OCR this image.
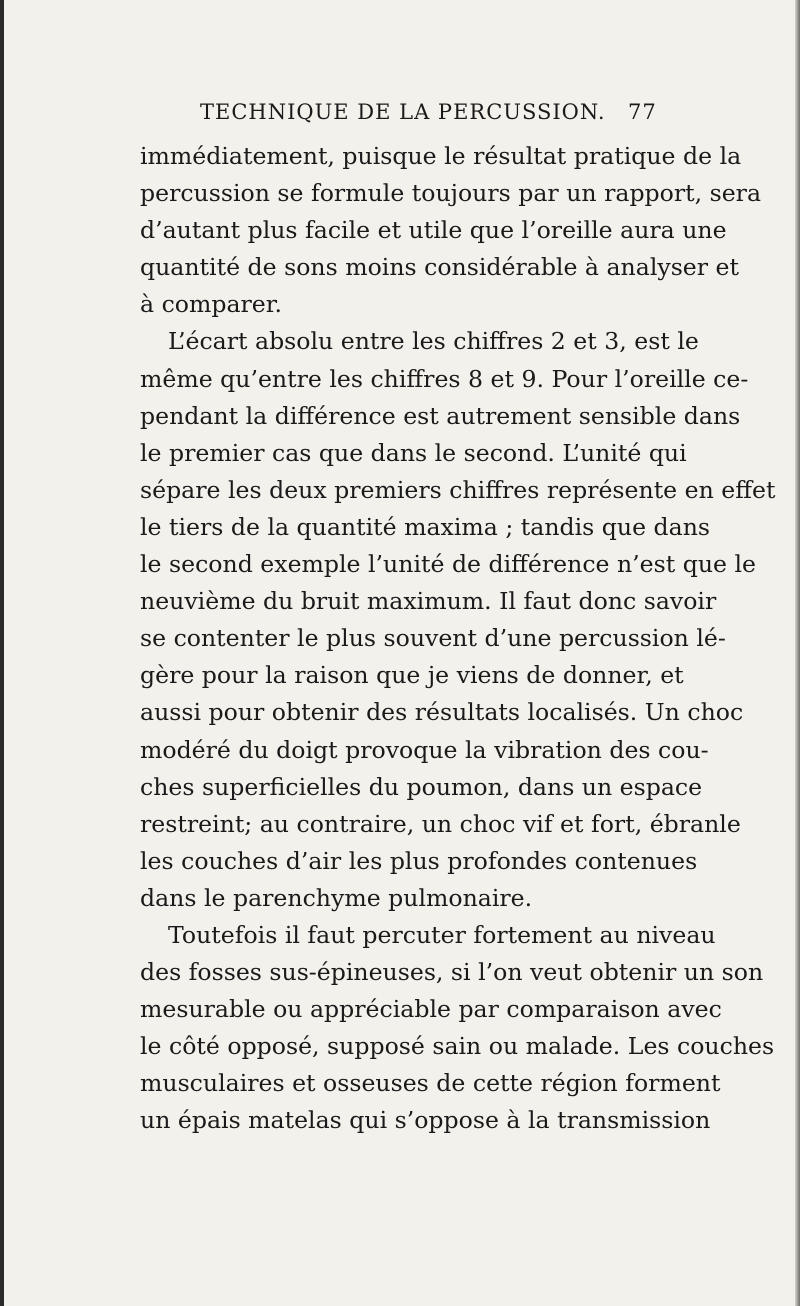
TECHNIQUE DE LA PERCUSSION. 77
immédiatement, puisque le résultat pratique de la
percussion se formule toujours par un rapport, sera
d’autant plus facile et utile que l’oreille aura une
quantité de sons moins considérable à analyser et
à comparer.
L’écart absolu entre les chiffres 2 et 3, est le
même qu’entre les chiffres 8 et 9. Pour l’oreille ce-
pendant la différence est autrement sensible dans
le premier cas que dans le second. L’unité qui
sépare les deux premiers chiffres représente en effet
le tiers de la quantité maxima ; tandis que dans
le second exemple l’unité de différence n’est que le
neuvième du bruit maximum. Il faut donc savoir
se contenter le plus souvent d’une percussion lé-
gère pour la raison que je viens de donner, et
aussi pour obtenir des résultats localisés. Un choc
modéré du doigt provoque la vibration des cou-
ches superficielles du poumon, dans un espace
restreint; au contraire, un choc vif et fort, ébranle
les couches d’air les plus profondes contenues
dans le parenchyme pulmonaire.
Toutefois il faut percuter fortement au niveau
des fosses sus-épineuses, si l’on veut obtenir un son
mesurable ou appréciable par comparaison avec
le côté opposé, supposé sain ou malade. Les couches
musculaires et osseuses de cette région forment
un épais matelas qui s’oppose à la transmission
